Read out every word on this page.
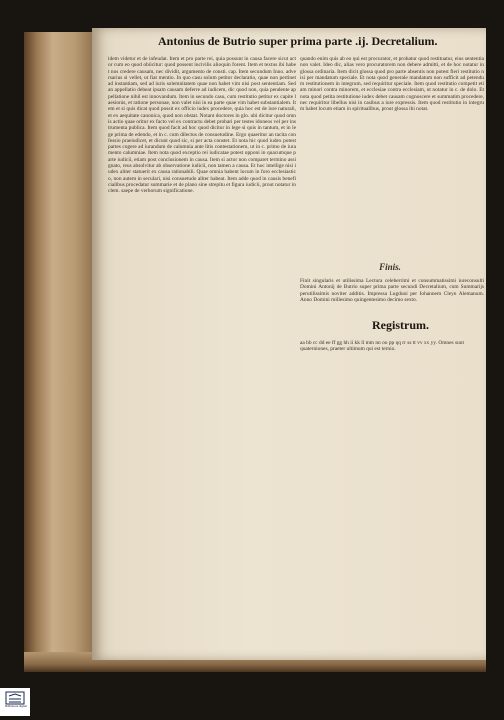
Antonius de Butrio super prima parte .ij. Decretalium.
idem videtur et de infeudat. Item et pro parte rei, quia possunt in causa facere sicut actor cum eo quod obiicitur: quod possent incivilis alioquin forent. Item et textus ibi habet nos credere causam, nec dividit, argumento de consti. cap. Item secundum Inno. adversarius si vellet, ut fiat mentio. In quo casu solum petitur declaratio, quae non pertinet ad instantiam, sed ad iuris solemnitatem quae non habet vim nisi post sententiam. Sed an appellatio debeat ipsam causam deferre ad iudicem, dic quod non, quia pendente appellatione nihil est innovandum. Item in secundo casu, cum restitutio petitur ex capite laesionis, et ratione personae, non valet nisi in ea parte quae vim habet substantialem. Item et si quis dicat quod possit ex officio iudex procedere, quia hoc est de iure naturali, et ex aequitate canonica, quod non obstat. Notant doctores in glo. ubi dicitur quod omnis actio quae oritur ex facto vel ex contractu debet probari per testes idoneos vel per instrumenta publica. Item quod facit ad hoc quod dicitur in lege si quis in tantum, et in lege prima de edendo, et in c. cum dilectus de consuetudine. Ergo quaeritur an tacita confessio praeiudicet, et dicunt quod sic, si per acta constet. Et nota hic quod iudex potest partes cogere ad iurandum de calumnia ante litis contestationem, ut in c. primo de iuramento calumniae. Item nota quod exceptio rei iudicatae potest opponi in quacumque parte iudicii, etiam post conclusionem in causa. Item si actor non comparet termino assignato, reus absolvitur ab observatione iudicii, non tamen a causa. Et hoc intellige nisi iudex aliter statuerit ex causa rationabili. Quae omnia habent locum in foro ecclesiastico, non autem in seculari, nisi consuetudo aliter habeat. Item adde quod in causis beneficialibus procedatur summarie et de plano sine strepitu et figura iudicii, prout notatur in clem. saepe de verborum significatione.
quando enim quis ab eo qui est procurator, et probatur quod restituatur, eius sententia non valet. Ideo dic, alias vero procuratorem non debere admitti, et de hoc notatur in glossa ordinaria. Item dicit glossa quod pro parte absentis non potest fieri restitutio nisi per mandatum speciale. Et nota quod generale mandatum non sufficit ad petendum restitutionem in integrum, sed requiritur speciale. Item quod restitutio competit etiam minori contra minorem, et ecclesiae contra ecclesiam, ut notatur in c. de dolo. Et nota quod petita restitutione iudex debet causam cognoscere et summatim procedere, nec requiritur libellus nisi in casibus a iure expressis. Item quod restitutio in integrum habet locum etiam in spiritualibus, prout glossa ibi notat.
Finis.
Finit singularis et utilissima Lectura celeberrimi et consummatissimi iureconsulti Domini Antonij de Butrio super prima parte secundi Decretalium, cum Summarijs perutilissimis noviter additis. Impressa Lugduni per Iohannem Cleyn Alemanum. Anno Domini millesimo quingentesimo decimo sexto.
Registrum.
aa bb cc dd ee ff gg hh ii kk ll mm nn oo pp qq rr ss tt vv xx yy. Omnes sunt quaterniones, praeter ultimum qui est ternio.
Biblioteca digital
